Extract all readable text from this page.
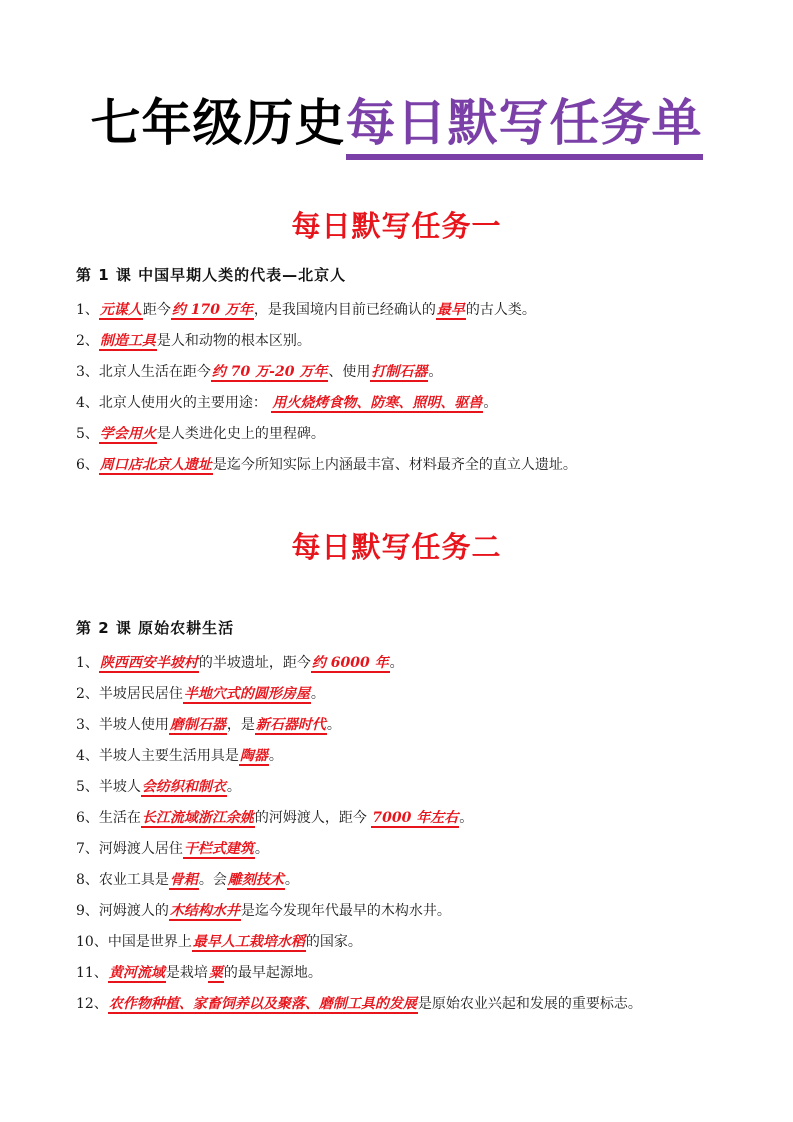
七年级历史每日默写任务单
每日默写任务一
第 1 课 中国早期人类的代表—北京人
1、元谋人距今约 170 万年，是我国境内目前已经确认的最早的古人类。
2、制造工具是人和动物的根本区别。
3、北京人生活在距今约 70 万-20 万年、使用打制石器。
4、北京人使用火的主要用途： 用火烧烤食物、防寒、照明、驱兽。
5、学会用火是人类进化史上的里程碑。
6、周口店北京人遗址是迄今所知实际上内涵最丰富、材料最齐全的直立人遗址。
每日默写任务二
第 2 课 原始农耕生活
1、陕西西安半坡村的半坡遗址，距今约 6000 年。
2、半坡居民居住半地穴式的圆形房屋。
3、半坡人使用磨制石器，是新石器时代。
4、半坡人主要生活用具是陶器。
5、半坡人会纺织和制衣。
6、生活在长江流域浙江余姚的河姆渡人，距今 7000 年左右。
7、河姆渡人居住干栏式建筑。
8、农业工具是骨耜。会雕刻技术。
9、河姆渡人的木结构水井是迄今发现年代最早的木构水井。
10、中国是世界上最早人工栽培水稻的国家。
11、黄河流域是栽培粟的最早起源地。
12、农作物种植、家畜饲养以及聚落、磨制工具的发展是原始农业兴起和发展的重要标志。
